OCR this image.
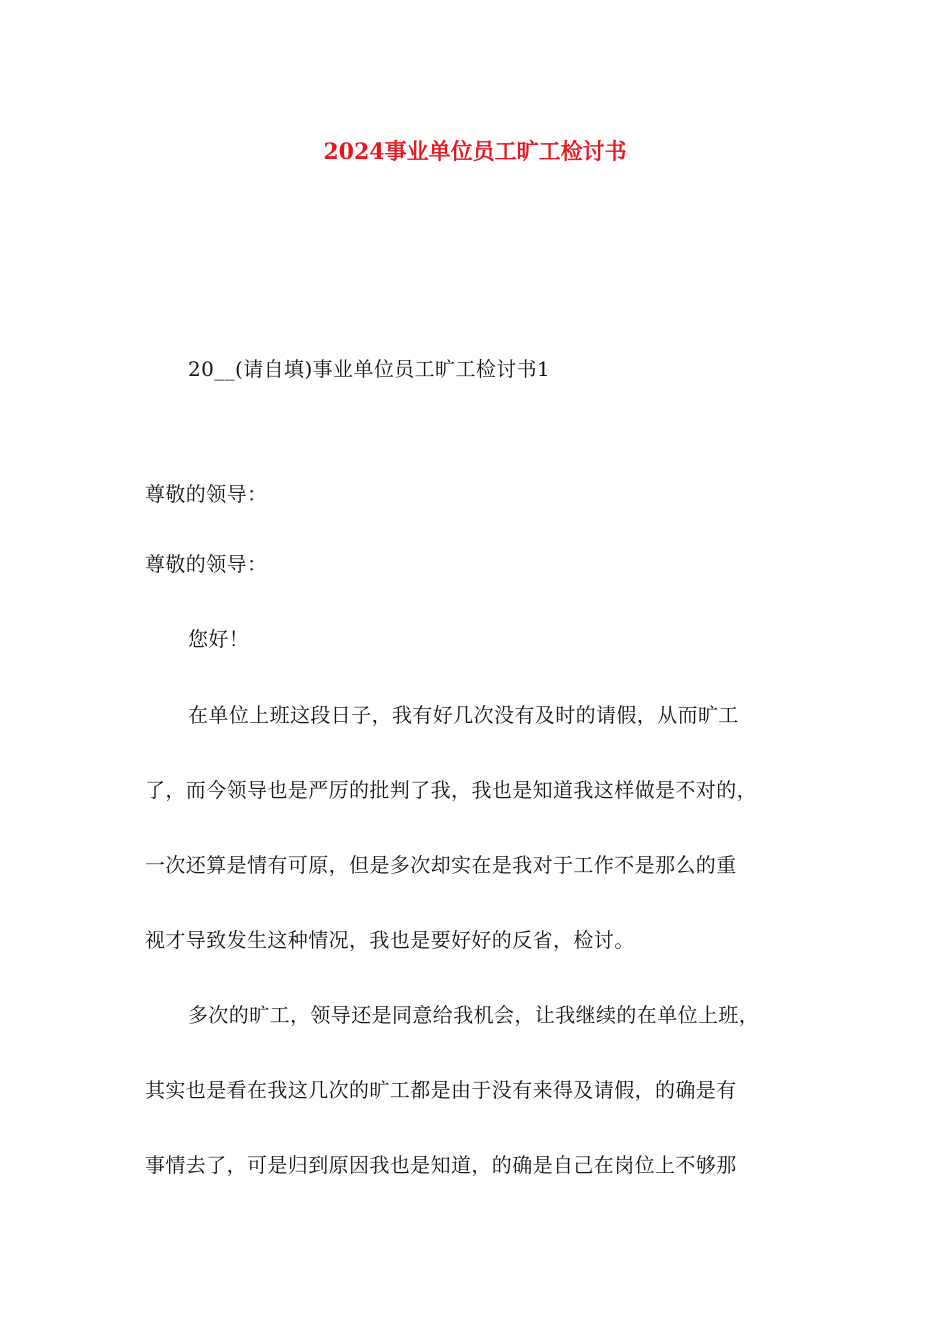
2024事业单位员工旷工检讨书
20__(请自填)事业单位员工旷工检讨书1
尊敬的领导：
尊敬的领导：
您好！
在单位上班这段日子，我有好几次没有及时的请假，从而旷工
了，而今领导也是严厉的批判了我，我也是知道我这样做是不对的，
一次还算是情有可原，但是多次却实在是我对于工作不是那么的重
视才导致发生这种情况，我也是要好好的反省，检讨。
多次的旷工，领导还是同意给我机会，让我继续的在单位上班，
其实也是看在我这几次的旷工都是由于没有来得及请假，的确是有
事情去了，可是归到原因我也是知道，的确是自己在岗位上不够那
